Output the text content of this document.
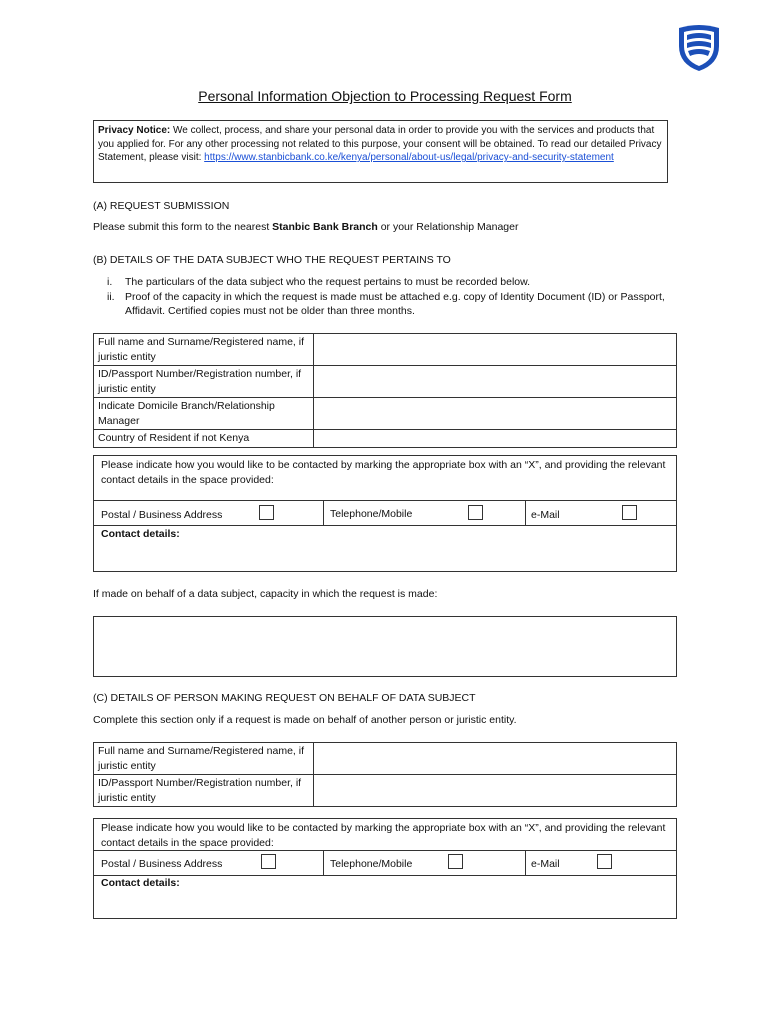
Personal Information Objection to Processing Request Form
Privacy Notice: We collect, process, and share your personal data in order to provide you with the services and products that you applied for. For any other processing not related to this purpose, your consent will be obtained. To read our detailed Privacy Statement, please visit: https://www.stanbicbank.co.ke/kenya/personal/about-us/legal/privacy-and-security-statement
(A) REQUEST SUBMISSION
Please submit this form to the nearest Stanbic Bank Branch or your Relationship Manager
(B) DETAILS OF THE DATA SUBJECT WHO THE REQUEST PERTAINS TO
i.	The particulars of the data subject who the request pertains to must be recorded below.
ii. Proof of the capacity in which the request is made must be attached e.g. copy of Identity Document (ID) or Passport, Affidavit. Certified copies must not be older than three months.
Full name and Surname/Registered name, if juristic entity	
ID/Passport Number/Registration number, if juristic entity	
Indicate Domicile Branch/Relationship Manager	
Country of Resident if not Kenya	
Please indicate how you would like to be contacted by marking the appropriate box with an “X”, and providing the relevant contact details in the space provided:
Postal / Business Address	Telephone/Mobile	e-Mail
Contact details:
If made on behalf of a data subject, capacity in which the request is made:
(C) DETAILS OF PERSON MAKING REQUEST ON BEHALF OF DATA SUBJECT
Complete this section only if a request is made on behalf of another person or juristic entity.
Full name and Surname/Registered name, if juristic entity	
ID/Passport Number/Registration number, if juristic entity	
Please indicate how you would like to be contacted by marking the appropriate box with an “X”, and providing the relevant contact details in the space provided:
Postal / Business Address	Telephone/Mobile	e-Mail
Contact details:
